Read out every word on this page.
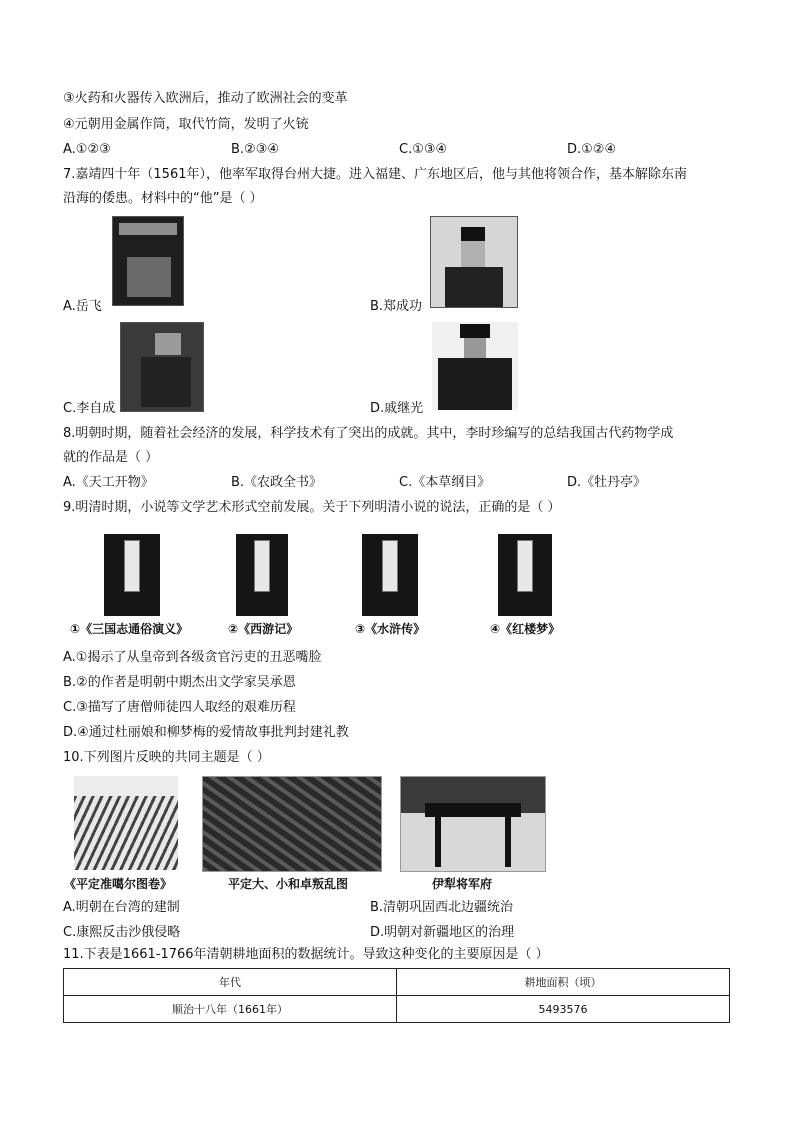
③火药和火器传入欧洲后，推动了欧洲社会的变革
④元朝用金属作筒，取代竹筒，发明了火铳
A.①②③	B.②③④	C.①③④	D.①②④
7.嘉靖四十年（1561年），他率军取得台州大捷。进入福建、广东地区后，他与其他将领合作，基本解除东南
沿海的倭患。材料中的“他”是（ ）
A.岳飞	B.郑成功
C.李自成	D.戚继光
8.明朝时期，随着社会经济的发展，科学技术有了突出的成就。其中，李时珍编写的总结我国古代药物学成
就的作品是（ ）
A.《天工开物》	B.《农政全书》	C.《本草纲目》	D.《牡丹亭》
9.明清时期，小说等文学艺术形式空前发展。关于下列明清小说的说法，正确的是（ ）
①《三国志通俗演义》	②《西游记》	③《水浒传》	④《红楼梦》
A.①揭示了从皇帝到各级贪官污吏的丑恶嘴脸
B.②的作者是明朝中期杰出文学家吴承恩
C.③描写了唐僧师徒四人取经的艰难历程
D.④通过杜丽娘和柳梦梅的爱情故事批判封建礼教
10.下列图片反映的共同主题是（ ）
《平定准噶尔图卷》	平定大、小和卓叛乱图	伊犁将军府
A.明朝在台湾的建制	B.清朝巩固西北边疆统治
C.康熙反击沙俄侵略	D.明朝对新疆地区的治理
11.下表是1661-1766年清朝耕地面积的数据统计。导致这种变化的主要原因是（ ）
年代	耕地面积（顷）
顺治十八年（1661年）	5493576
